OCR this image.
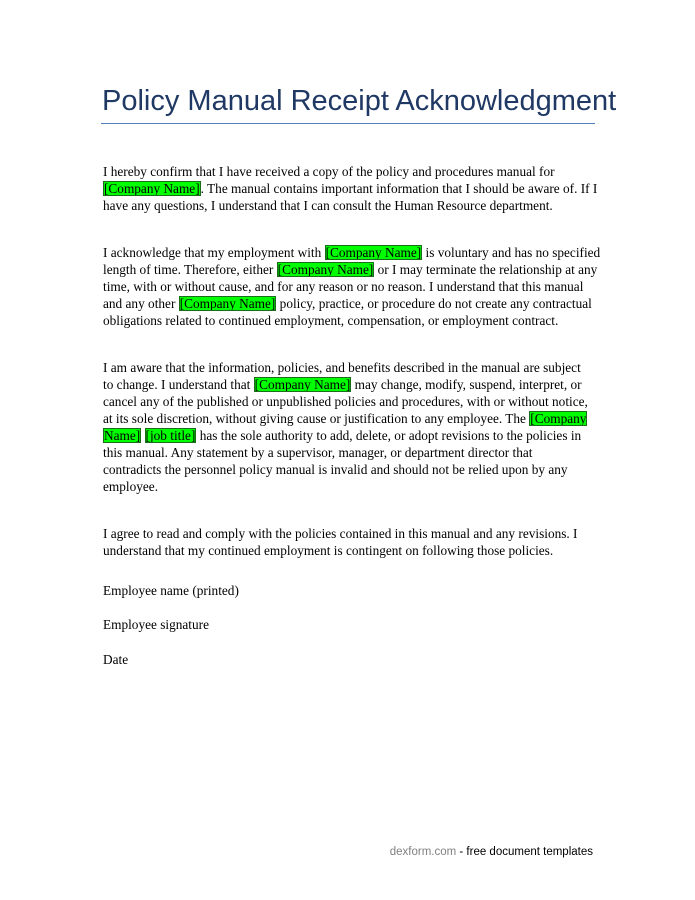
Policy Manual Receipt Acknowledgment

I hereby confirm that I have received a copy of the policy and procedures manual for

[Company Name]. The manual contains important information that I should be aware of. If I

have any questions, I understand that I can consult the Human Resource department.

I acknowledge that my employment with [Company Name] is voluntary and has no specified

length of time. Therefore, either [Company Name] or I may terminate the relationship at any

time, with or without cause, and for any reason or no reason. I understand that this manual

and any other [Company Name] policy, practice, or procedure do not create any contractual

obligations related to continued employment, compensation, or employment contract.

I am aware that the information, policies, and benefits described in the manual are subject

to change. I understand that [Company Name] may change, modify, suspend, interpret, or

cancel any of the published or unpublished policies and procedures, with or without notice,

at its sole discretion, without giving cause or justification to any employee. The [Company

Name] [job title] has the sole authority to add, delete, or adopt revisions to the policies in

this manual. Any statement by a supervisor, manager, or department director that

contradicts the personnel policy manual is invalid and should not be relied upon by any

employee.

I agree to read and comply with the policies contained in this manual and any revisions. I

understand that my continued employment is contingent on following those policies.

Employee name (printed)

Employee signature

Date

dexform.com - free document templates
